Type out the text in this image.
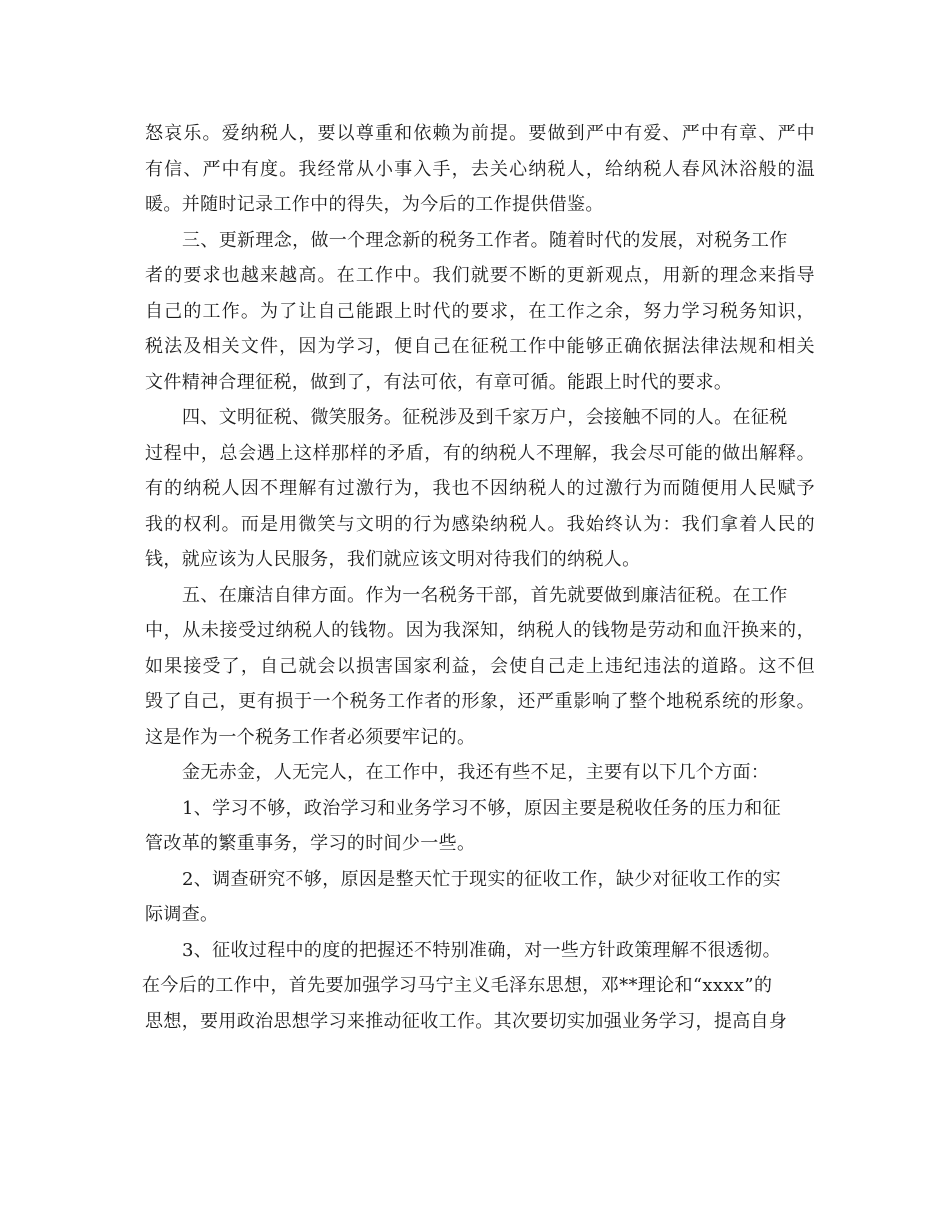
怒哀乐。爱纳税人，要以尊重和依赖为前提。要做到严中有爱、严中有章、严中
有信、严中有度。我经常从小事入手，去关心纳税人，给纳税人春风沐浴般的温
暖。并随时记录工作中的得失，为今后的工作提供借鉴。
三、更新理念，做一个理念新的税务工作者。随着时代的发展，对税务工作
者的要求也越来越高。在工作中。我们就要不断的更新观点，用新的理念来指导
自己的工作。为了让自己能跟上时代的要求，在工作之余，努力学习税务知识，
税法及相关文件，因为学习，便自己在征税工作中能够正确依据法律法规和相关
文件精神合理征税，做到了，有法可依，有章可循。能跟上时代的要求。
四、文明征税、微笑服务。征税涉及到千家万户，会接触不同的人。在征税
过程中，总会遇上这样那样的矛盾，有的纳税人不理解，我会尽可能的做出解释。
有的纳税人因不理解有过激行为，我也不因纳税人的过激行为而随便用人民赋予
我的权利。而是用微笑与文明的行为感染纳税人。我始终认为：我们拿着人民的
钱，就应该为人民服务，我们就应该文明对待我们的纳税人。
五、在廉洁自律方面。作为一名税务干部，首先就要做到廉洁征税。在工作
中，从未接受过纳税人的钱物。因为我深知，纳税人的钱物是劳动和血汗换来的，
如果接受了，自己就会以损害国家利益，会使自己走上违纪违法的道路。这不但
毁了自己，更有损于一个税务工作者的形象，还严重影响了整个地税系统的形象。
这是作为一个税务工作者必须要牢记的。
金无赤金，人无完人，在工作中，我还有些不足，主要有以下几个方面：
1、学习不够，政治学习和业务学习不够，原因主要是税收任务的压力和征
管改革的繁重事务，学习的时间少一些。
2、调查研究不够，原因是整天忙于现实的征收工作，缺少对征收工作的实
际调查。
3、征收过程中的度的把握还不特别准确，对一些方针政策理解不很透彻。
在今后的工作中，首先要加强学习马宁主义毛泽东思想，邓**理论和“xxxx”的
思想，要用政治思想学习来推动征收工作。其次要切实加强业务学习，提高自身
